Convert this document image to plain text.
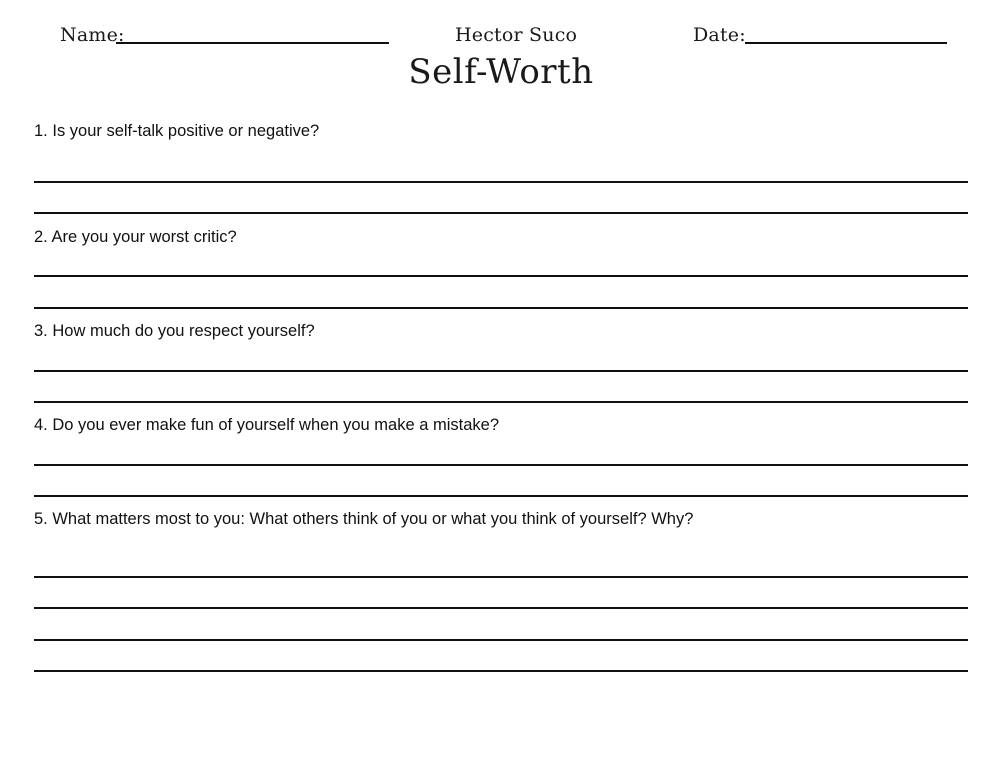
Name:	Hector Suco	Date:
Self-Worth
1. Is your self-talk positive or negative?
2. Are you your worst critic?
3. How much do you respect yourself?
4. Do you ever make fun of yourself when you make a mistake?
5. What matters most to you: What others think of you or what you think of yourself? Why?
